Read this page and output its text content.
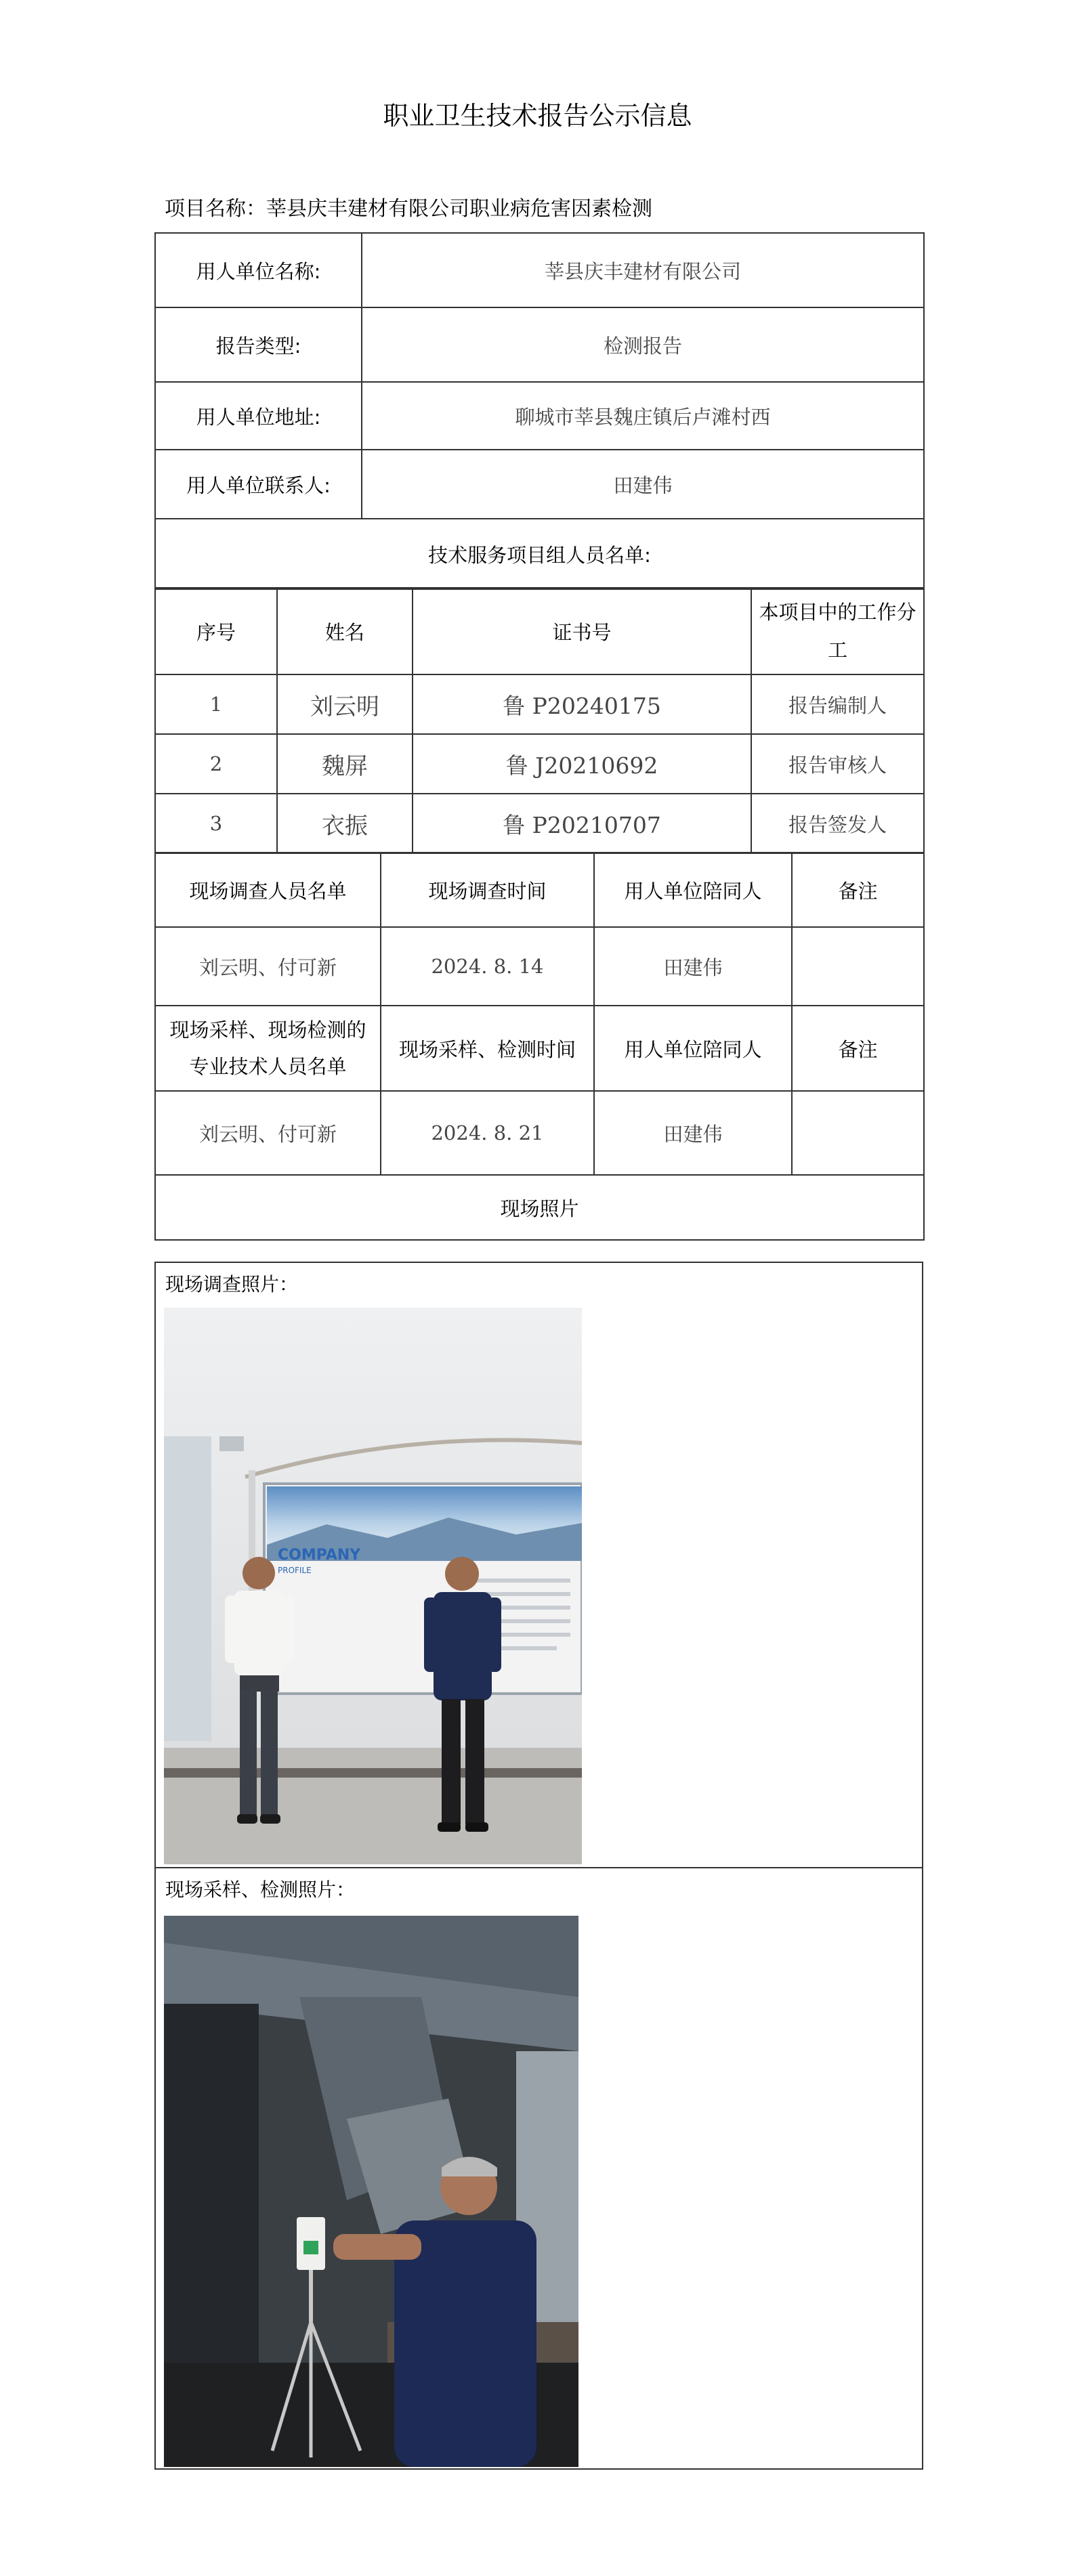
职业卫生技术报告公示信息
项目名称：莘县庆丰建材有限公司职业病危害因素检测
用人单位名称:	莘县庆丰建材有限公司
报告类型:	检测报告
用人单位地址:	聊城市莘县魏庄镇后卢滩村西
用人单位联系人:	田建伟
技术服务项目组人员名单:	
序号	姓名	证书号	本项目中的工作分工
1	刘云明	鲁 P20240175	报告编制人
2	魏屏	鲁 J20210692	报告审核人
3	衣振	鲁 P20210707	报告签发人
现场调查人员名单	现场调查时间	用人单位陪同人	备注
刘云明、付可新	2024. 8. 14	田建伟	
现场采样、现场检测的专业技术人员名单	现场采样、检测时间	用人单位陪同人	备注
刘云明、付可新	2024. 8. 21	田建伟	
现场照片			
现场调查照片：
COMPANY
PROFILE
现场采样、检测照片：
